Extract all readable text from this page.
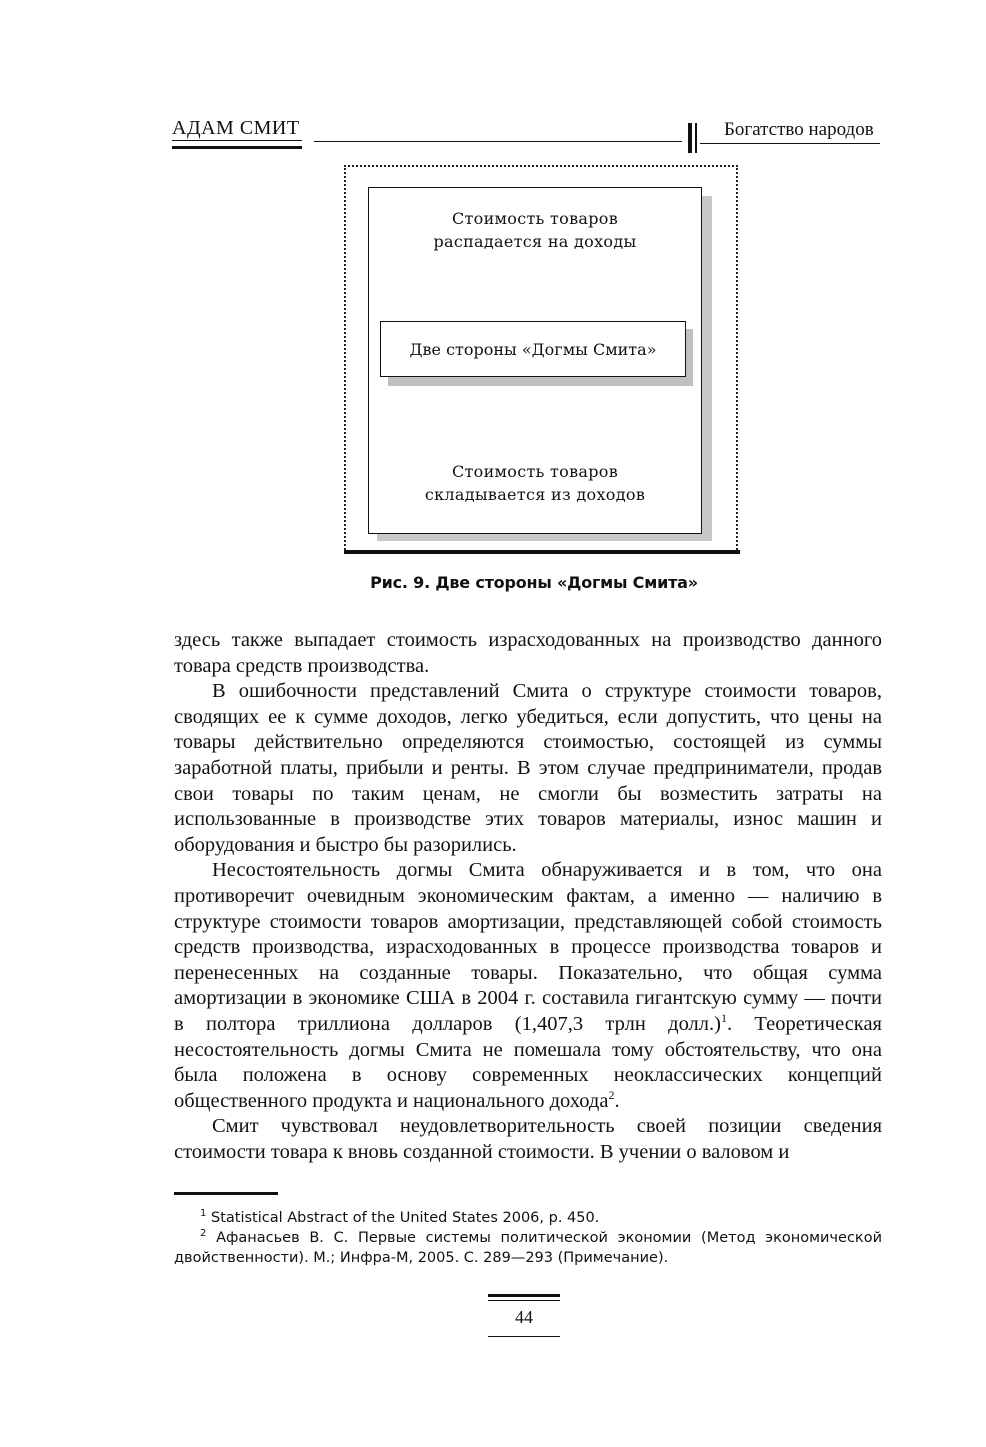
АДАМ СМИТ	Богатство народов
Стоимость товаров
распадается на доходы
Две стороны «Догмы Смита»
Стоимость товаров
складывается из доходов
Рис. 9. Две стороны «Догмы Смита»

здесь также выпадает стоимость израсходованных на производство данного товара средств производства.

В ошибочности представлений Смита о структуре стоимости товаров, сводящих ее к сумме доходов, легко убедиться, если допустить, что цены на товары действительно определяются стоимостью, состоящей из суммы заработной платы, прибыли и ренты. В этом случае предприниматели, продав свои товары по таким ценам, не смогли бы возместить затраты на использованные в производстве этих товаров материалы, износ машин и оборудования и быстро бы разорились.

Несостоятельность догмы Смита обнаруживается и в том, что она противоречит очевидным экономическим фактам, а именно — наличию в структуре стоимости товаров амортизации, представляющей собой стоимость средств производства, израсходованных в процессе производства товаров и перенесенных на созданные товары. Показательно, что общая сумма амортизации в экономике США в 2004 г. составила гигантскую сумму — почти в полтора триллиона долларов (1,407,3 трлн долл.)$^1$. Теоретическая несостоятельность догмы Смита не помешала тому обстоятельству, что она была положена в основу современных неоклассических концепций общественного продукта и национального дохода$^2$.

Смит чувствовал неудовлетворительность своей позиции сведения стоимости товара к вновь созданной стоимости. В учении о валовом и

$^1$ Statistical Abstract of the United States 2006, p. 450.

$^2$ Афанасьев В. С. Первые системы политической экономии (Метод экономической двойственности). М.; Инфра-М, 2005. С. 289—293 (Примечание).

44
